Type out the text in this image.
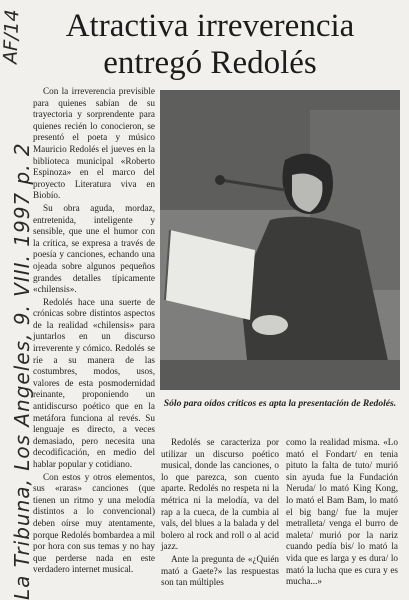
Atractiva irreverencia
entregó Redolés
AF/14
La Tribuna, Los Angeles, 9. VIII. 1997 p. 2

Con la irreverencia previsible para quienes sabían de su trayectoria y sorprendente para quienes recién lo conocieron, se presentó el poeta y músico Mauricio Redolés el jueves en la biblioteca municipal «Roberto Espinoza» en el marco del proyecto Literatura viva en Biobío.

Su obra aguda, mordaz, entretenida, inteligente y sensible, que une el humor con la crítica, se expresa a través de poesía y canciones, echando una ojeada sobre algunos pequeños grandes detalles típicamente «chilensis».

Redolés hace una suerte de crónicas sobre distintos aspectos de la realidad «chilensis» para juntarlos en un discurso irreverente y cómico. Redolés se ríe a su manera de las costumbres, modos, usos, valores de esta posmodernidad reinante, proponiendo un antidiscurso poético que en la metáfora funciona al revés. Su lenguaje es directo, a veces demasiado, pero necesita una decodificación, en medio del hablar popular y cotidiano.

Con estos y otros elementos, sus «raras» canciones (que tienen un ritmo y una melodía distintos a lo convencional) deben oírse muy atentamente, porque Redolés bombardea a mil por hora con sus temas y no hay que perderse nada en este verdadero internet musical.

Sólo para oídos críticos es apta la presentación de Redolés.

Redolés se caracteriza por utilizar un discurso poético musical, donde las canciones, o lo que parezca, son cuento aparte. Redolés no respeta ni la métrica ni la melodía, va del rap a la cueca, de la cumbia al vals, del blues a la balada y del bolero al rock and roll o al acid jazz.

Ante la pregunta de «¿Quién mató a Gaete?» las respuestas son tan múltiples

como la realidad misma. «Lo mató el Fondart/ en tenia pituto la falta de tuto/ murió sin ayuda fue la Fundación Neruda/ lo mató King Kong, lo mató el Bam Bam, lo mató el big bang/ fue la mujer metralleta/ venga el burro de maleta/ murió por la nariz cuando pedía bis/ lo mató la vida que es larga y es dura/ lo mató la lucha que es cura y es mucha...»
